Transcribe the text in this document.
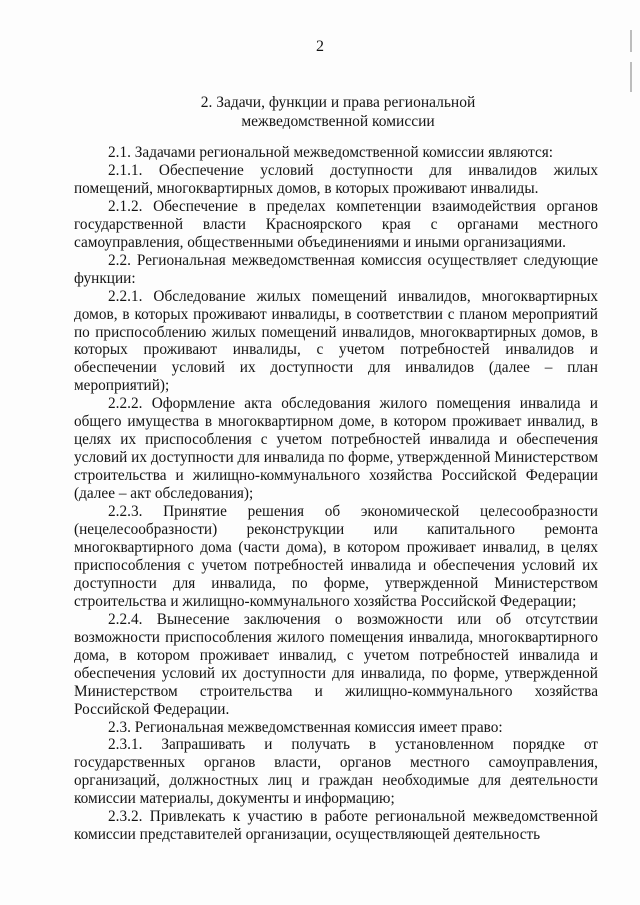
2
2. Задачи, функции и права региональной
межведомственной комиссии

2.1. Задачами региональной межведомственной комиссии являются:

2.1.1. Обеспечение условий доступности для инвалидов жилых помещений, многоквартирных домов, в которых проживают инвалиды.

2.1.2. Обеспечение в пределах компетенции взаимодействия органов государственной власти Красноярского края с органами местного самоуправления, общественными объединениями и иными организациями.

2.2. Региональная межведомственная комиссия осуществляет следующие функции:

2.2.1. Обследование жилых помещений инвалидов, многоквартирных домов, в которых проживают инвалиды, в соответствии с планом мероприятий по приспособлению жилых помещений инвалидов, многоквартирных домов, в которых проживают инвалиды, с учетом потребностей инвалидов и обеспечении условий их доступности для инвалидов (далее – план мероприятий);

2.2.2. Оформление акта обследования жилого помещения инвалида и общего имущества в многоквартирном доме, в котором проживает инвалид, в целях их приспособления с учетом потребностей инвалида и обеспечения условий их доступности для инвалида по форме, утвержденной Министерством строительства и жилищно-коммунального хозяйства Российской Федерации (далее – акт обследования);

2.2.3. Принятие решения об экономической целесообразности (нецелесообразности) реконструкции или капитального ремонта многоквартирного дома (части дома), в котором проживает инвалид, в целях приспособления с учетом потребностей инвалида и обеспечения условий их доступности для инвалида, по форме, утвержденной Министерством строительства и жилищно-коммунального хозяйства Российской Федерации;

2.2.4. Вынесение заключения о возможности или об отсутствии возможности приспособления жилого помещения инвалида, многоквартирного дома, в котором проживает инвалид, с учетом потребностей инвалида и обеспечения условий их доступности для инвалида, по форме, утвержденной Министерством строительства и жилищно-коммунального хозяйства Российской Федерации.

2.3. Региональная межведомственная комиссия имеет право:

2.3.1. Запрашивать и получать в установленном порядке от государственных органов власти, органов местного самоуправления, организаций, должностных лиц и граждан необходимые для деятельности комиссии материалы, документы и информацию;

2.3.2. Привлекать к участию в работе региональной межведомственной комиссии представителей организации, осуществляющей деятельность
